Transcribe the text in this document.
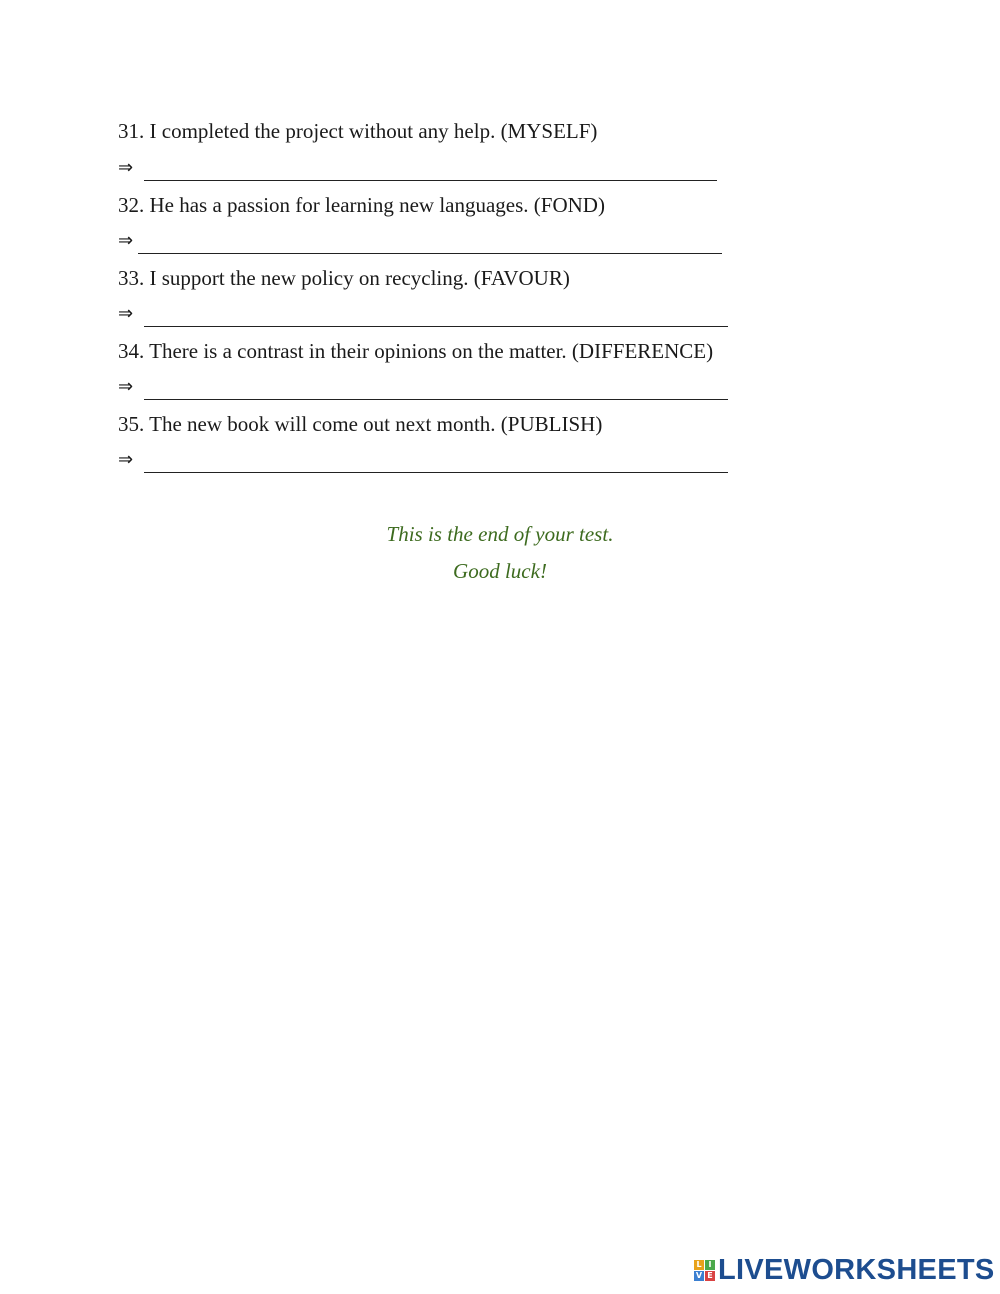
31. I completed the project without any help. (MYSELF)
⇒
32. He has a passion for learning new languages. (FOND)
⇒
33. I support the new policy on recycling. (FAVOUR)
⇒
34. There is a contrast in their opinions on the matter. (DIFFERENCE)
⇒
35. The new book will come out next month. (PUBLISH)
⇒
This is the end of your test.
Good luck!
L I
V E LIVEWORKSHEETS
